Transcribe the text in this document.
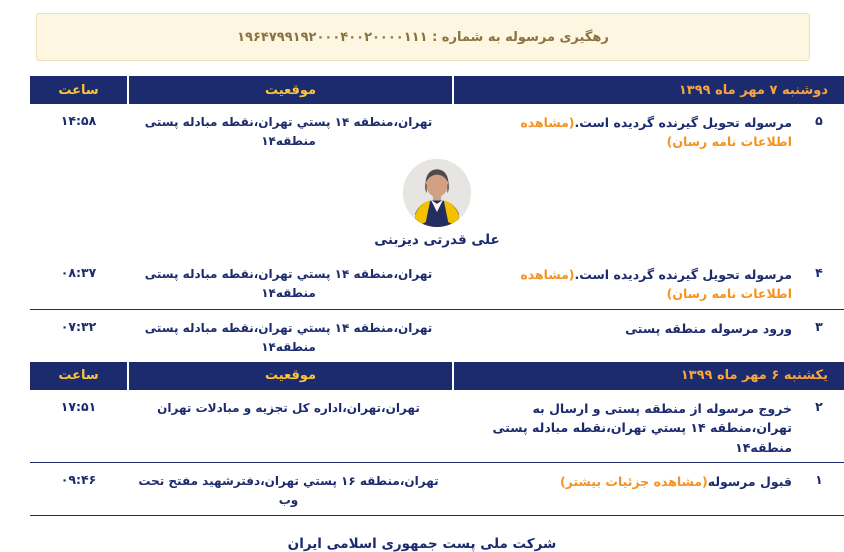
رهگیری مرسوله به شماره : ۱۹۶۴۷۹۹۱۹۲۰۰۰۴۰۰۲۰۰۰۰۱۱۱
دوشنبه ۷ مهر ماه ۱۳۹۹
موقعیت
ساعت
۵
مرسوله تحویل گیرنده گردیده است.(مشاهده اطلاعات نامه رسان)
تهران،منطقه ۱۴ پستي تهران،نقطه مبادله پستی منطقه۱۴
۱۴:۵۸
علی قدرتی دیزبنی
۴
مرسوله تحویل گیرنده گردیده است.(مشاهده اطلاعات نامه رسان)
تهران،منطقه ۱۴ پستي تهران،نقطه مبادله پستی منطقه۱۴
۰۸:۳۷
۳
ورود مرسوله منطقه پستی
تهران،منطقه ۱۴ پستي تهران،نقطه مبادله پستی منطقه۱۴
۰۷:۳۲
یکشنبه ۶ مهر ماه ۱۳۹۹
موقعیت
ساعت
۲
خروج مرسوله از منطقه پستی و ارسال به تهران،منطقه ۱۴ پستي تهران،نقطه مبادله پستی منطقه۱۴
تهران،تهران،اداره کل تجزیه و مبادلات تهران
۱۷:۵۱
۱
قبول مرسوله(مشاهده جزئیات بیشتر)
تهران،منطقه ۱۶ پستي تهران،دفترشهید مفتح تحت وب
۰۹:۴۶
شرکت ملی پست جمهوری اسلامی ایران
